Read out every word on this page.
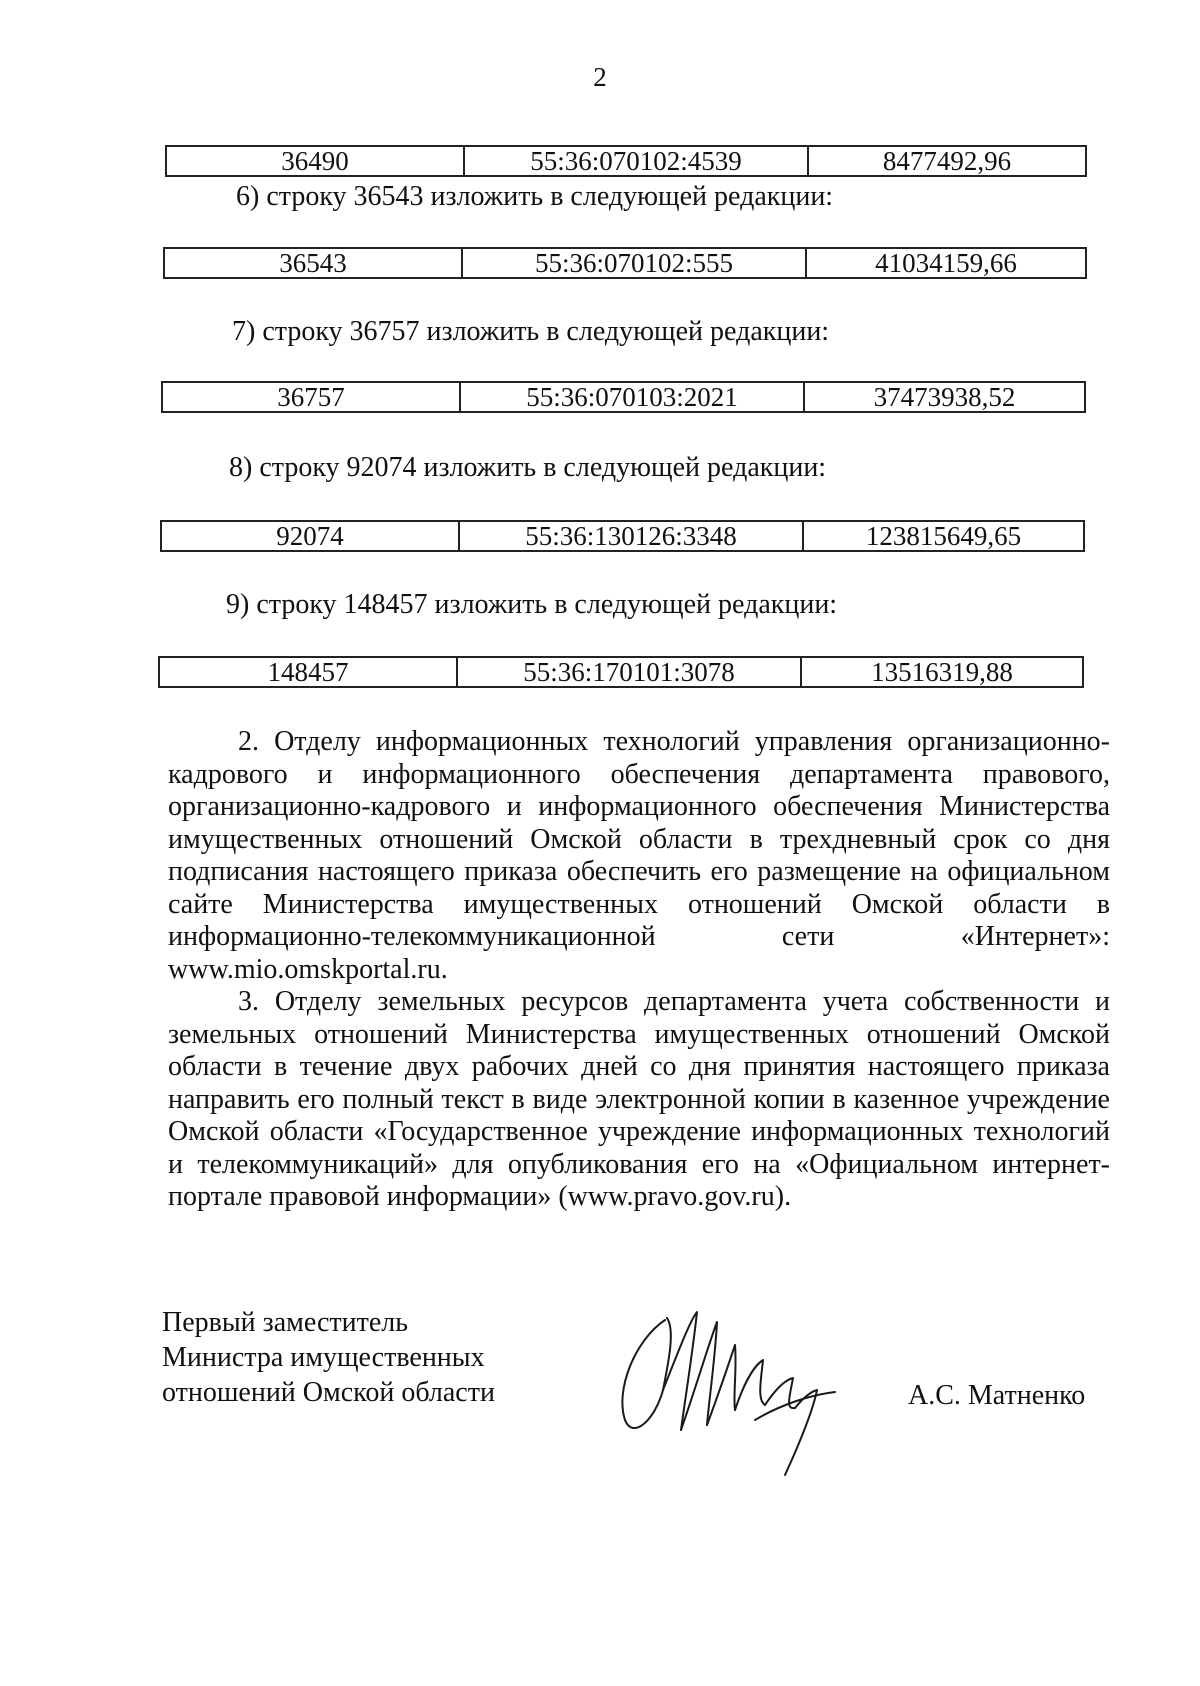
2
36490	55:36:070102:4539	8477492,96
6) строку 36543 изложить в следующей редакции:
36543	55:36:070102:555	41034159,66
7) строку 36757 изложить в следующей редакции:
36757	55:36:070103:2021	37473938,52
8) строку 92074 изложить в следующей редакции:
92074	55:36:130126:3348	123815649,65
9) строку 148457 изложить в следующей редакции:
148457	55:36:170101:3078	13516319,88

2. Отделу информационных технологий управления организационно-кадрового и информационного обеспечения департамента правового, организационно-кадрового и информационного обеспечения Министерства имущественных отношений Омской области в трехдневный срок со дня подписания настоящего приказа обеспечить его размещение на официальном сайте Министерства имущественных отношений Омской области в информационно-телекоммуникационной сети «Интернет»: www.mio.omskportal.ru.

3. Отделу земельных ресурсов департамента учета собственности и земельных отношений Министерства имущественных отношений Омской области в течение двух рабочих дней со дня принятия настоящего приказа направить его полный текст в виде электронной копии в казенное учреждение Омской области «Государственное учреждение информационных технологий и телекоммуникаций» для опубликования его на «Официальном интернет-портале правовой информации» (www.pravo.gov.ru).

Первый заместитель
Министра имущественных
отношений Омской области	А.С. Матненко
